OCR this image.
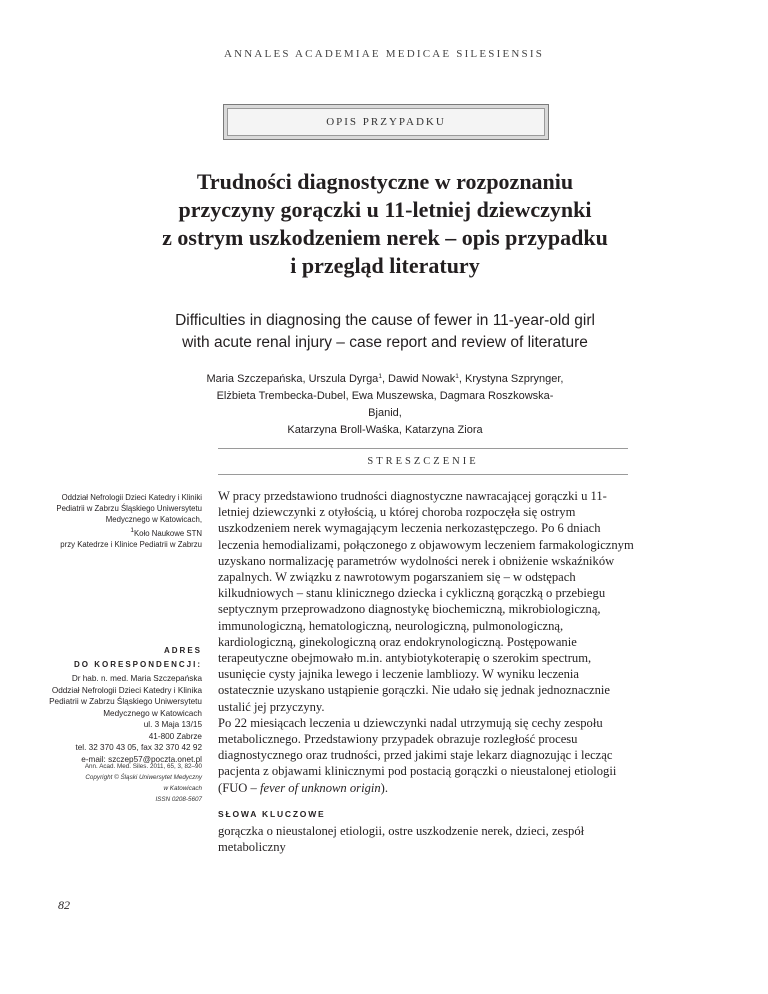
ANNALES ACADEMIAE MEDICAE SILESIENSIS
OPIS PRZYPADKU
Trudności diagnostyczne w rozpoznaniu
przyczyny gorączki u 11-letniej dziewczynki
z ostrym uszkodzeniem nerek – opis przypadku
i przegląd literatury
Difficulties in diagnosing the cause of fewer in 11-year-old girl
with acute renal injury – case report and review of literature
Maria Szczepańska, Urszula Dyrga$^1$, Dawid Nowak$^1$, Krystyna Szprynger,
Elżbieta Trembecka-Dubel, Ewa Muszewska, Dagmara Roszkowska-Bjanid,
Katarzyna Broll-Waśka, Katarzyna Ziora
STRESZCZENIE
Oddział Nefrologii Dzieci Katedry i Kliniki
Pediatrii w Zabrzu Śląskiego Uniwersytetu
Medycznego w Katowicach,
$^1$Koło Naukowe STN
przy Katedrze i Klinice Pediatrii w Zabrzu
ADRES
DO KORESPONDENCJI:
Dr hab. n. med. Maria Szczepańska
Oddział Nefrologii Dzieci Katedry i Klinika
Pediatrii w Zabrzu Śląskiego Uniwersytetu
Medycznego w Katowicach
ul. 3 Maja 13/15
41-800 Zabrze
tel. 32 370 43 05, fax 32 370 42 92
e-mail: szczep57@poczta.onet.pl
Ann. Acad. Med. Siles. 2011, 65, 3, 82–90
Copyright © Śląski Uniwersytet Medyczny
w Katowicach
ISSN 0208-5607

W pracy przedstawiono trudności diagnostyczne nawracającej gorączki u 11-letniej dziewczynki z otyłością, u której choroba rozpoczęła się ostrym uszkodzeniem nerek wymagającym leczenia nerkozastępczego. Po 6 dniach leczenia hemodializami, połączonego z objawowym leczeniem farmakologicznym uzyskano normalizację parametrów wydolności nerek i obniżenie wskaźników zapalnych. W związku z nawrotowym pogarszaniem się – w odstępach kilkudniowych – stanu klinicznego dziecka i cykliczną gorączką o przebiegu septycznym przeprowadzono diagnostykę biochemiczną, mikrobiologiczną, immunologiczną, hematologiczną, neurologiczną, pulmonologiczną, kardiologiczną, ginekologiczną oraz endokrynologiczną. Postępowanie terapeutyczne obejmowało m.in. antybiotykoterapię o szerokim spectrum, usunięcie cysty jajnika lewego i leczenie lambliozy. W wyniku leczenia ostatecznie uzyskano ustąpienie gorączki. Nie udało się jednak jednoznacznie ustalić jej przyczyny.

Po 22 miesiącach leczenia u dziewczynki nadal utrzymują się cechy zespołu metabolicznego. Przedstawiony przypadek obrazuje rozległość procesu diagnostycznego oraz trudności, przed jakimi staje lekarz diagnozując i lecząc pacjenta z objawami klinicznymi pod postacią gorączki o nieustalonej etiologii (FUO – fever of unknown origin).

SŁOWA KLUCZOWE
gorączka o nieustalonej etiologii, ostre uszkodzenie nerek, dzieci, zespół metaboliczny
82
